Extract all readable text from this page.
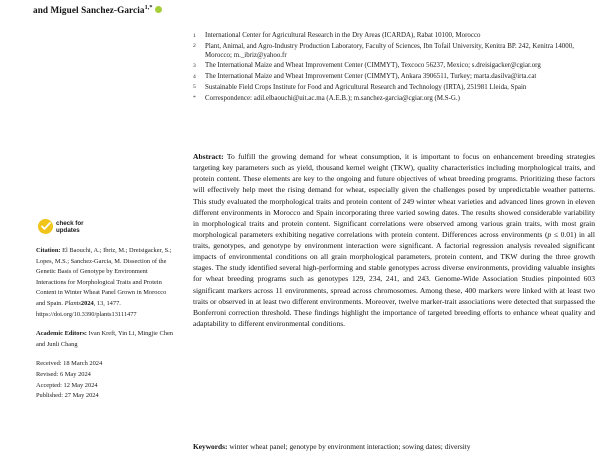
and Miguel Sanchez-Garcia$^{1,*}$
1	International Center for Agricultural Research in the Dry Areas (ICARDA), Rabat 10100, Morocco
2	Plant, Animal, and Agro-Industry Production Laboratory, Faculty of Sciences, Ibn Tofail University, Kenitra BP. 242, Kenitra 14000, Morocco; m._ibriz@yahoo.fr
3	The International Maize and Wheat Improvement Center (CIMMYT), Texcoco 56237, Mexico; s.dreisigacker@cgiar.org
4	The International Maize and Wheat Improvement Center (CIMMYT), Ankara 3906511, Turkey; marta.dasilva@irta.cat
5	Sustainable Field Crops Institute for Food and Agricultural Research and Technology (IRTA), 251981 Lleida, Spain
*	Correspondence: adil.elbaouchi@uit.ac.ma (A.E.B.); m.sanchez-garcia@cgiar.org (M.S-G.)
check for
updates

Citation: El Baouchi, A.; Ibriz, M.; Dreisigacker, S.; Lopes, M.S.; Sanchez-Garcia, M. Dissection of the Genetic Basis of Genotype by Environment Interactions for Morphological Traits and Protein Content in Winter Wheat Panel Grown in Morocco and Spain. Plants2024, 13, 1477. https://doi.org/10.3390/plants13111477

Academic Editors: Ivan Kreft, Yin Li, Mingjie Chen and Junli Chang

Received: 18 March 2024

Revised: 6 May 2024

Accepted: 12 May 2024

Published: 27 May 2024

Abstract: To fulfill the growing demand for wheat consumption, it is important to focus on enhancement breeding strategies targeting key parameters such as yield, thousand kernel weight (TKW), quality characteristics including morphological traits, and protein content. These elements are key to the ongoing and future objectives of wheat breeding programs. Prioritizing these factors will effectively help meet the rising demand for wheat, especially given the challenges posed by unpredictable weather patterns. This study evaluated the morphological traits and protein content of 249 winter wheat varieties and advanced lines grown in eleven different environments in Morocco and Spain incorporating three varied sowing dates. The results showed considerable variability in morphological traits and protein content. Significant correlations were observed among various grain traits, with most grain morphological parameters exhibiting negative correlations with protein content. Differences across environments (p ≤ 0.01) in all traits, genotypes, and genotype by environment interaction were significant. A factorial regression analysis revealed significant impacts of environmental conditions on all grain morphological parameters, protein content, and TKW during the three growth stages. The study identified several high-performing and stable genotypes across diverse environments, providing valuable insights for wheat breeding programs such as genotypes 129, 234, 241, and 243. Genome-Wide Association Studies pinpointed 603 significant markers across 11 environments, spread across chromosomes. Among these, 400 markers were linked with at least two traits or observed in at least two different environments. Moreover, twelve marker-trait associations were detected that surpassed the Bonferroni correction threshold. These findings highlight the importance of targeted breeding efforts to enhance wheat quality and adaptability to different environmental conditions.
Keywords: winter wheat panel; genotype by environment interaction; sowing dates; diversity
